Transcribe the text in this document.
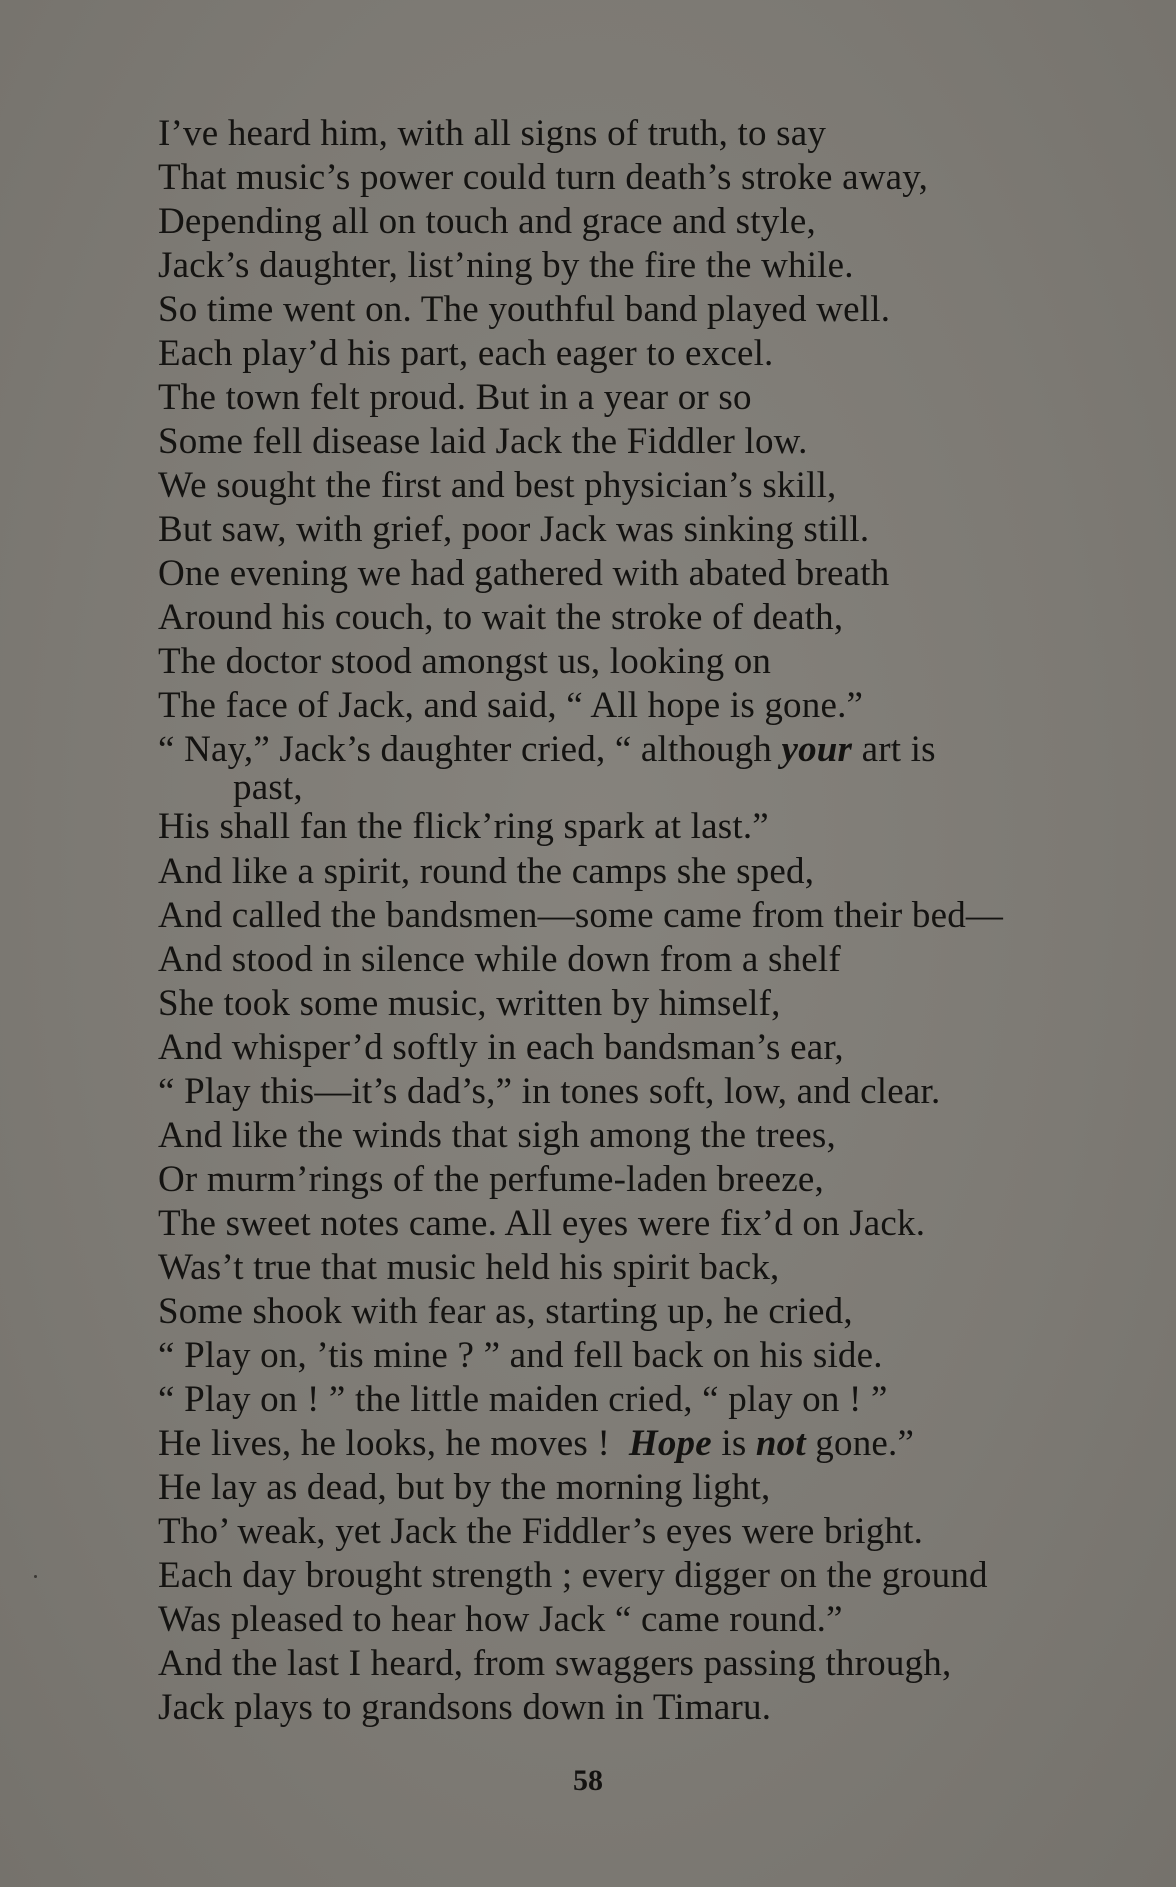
I’ve heard him, with all signs of truth, to say
That music’s power could turn death’s stroke away,
Depending all on touch and grace and style,
Jack’s daughter, list’ning by the fire the while.
So time went on. The youthful band played well.
Each play’d his part, each eager to excel.
The town felt proud. But in a year or so
Some fell disease laid Jack the Fiddler low.
We sought the first and best physician’s skill,
But saw, with grief, poor Jack was sinking still.
One evening we had gathered with abated breath
Around his couch, to wait the stroke of death,
The doctor stood amongst us, looking on
The face of Jack, and said, “ All hope is gone.”
“ Nay,” Jack’s daughter cried, “ although your art is
past,
His shall fan the flick’ring spark at last.”
And like a spirit, round the camps she sped,
And called the bandsmen—some came from their bed—
And stood in silence while down from a shelf
She took some music, written by himself,
And whisper’d softly in each bandsman’s ear,
“ Play this—it’s dad’s,” in tones soft, low, and clear.
And like the winds that sigh among the trees,
Or murm’rings of the perfume-laden breeze,
The sweet notes came. All eyes were fix’d on Jack.
Was’t true that music held his spirit back,
Some shook with fear as, starting up, he cried,
“ Play on, ’tis mine ? ” and fell back on his side.
“ Play on ! ” the little maiden cried, “ play on ! ”
He lives, he looks, he moves !  Hope is not gone.”
He lay as dead, but by the morning light,
Tho’ weak, yet Jack the Fiddler’s eyes were bright.
Each day brought strength ; every digger on the ground
Was pleased to hear how Jack “ came round.”
And the last I heard, from swaggers passing through,
Jack plays to grandsons down in Timaru.
58
